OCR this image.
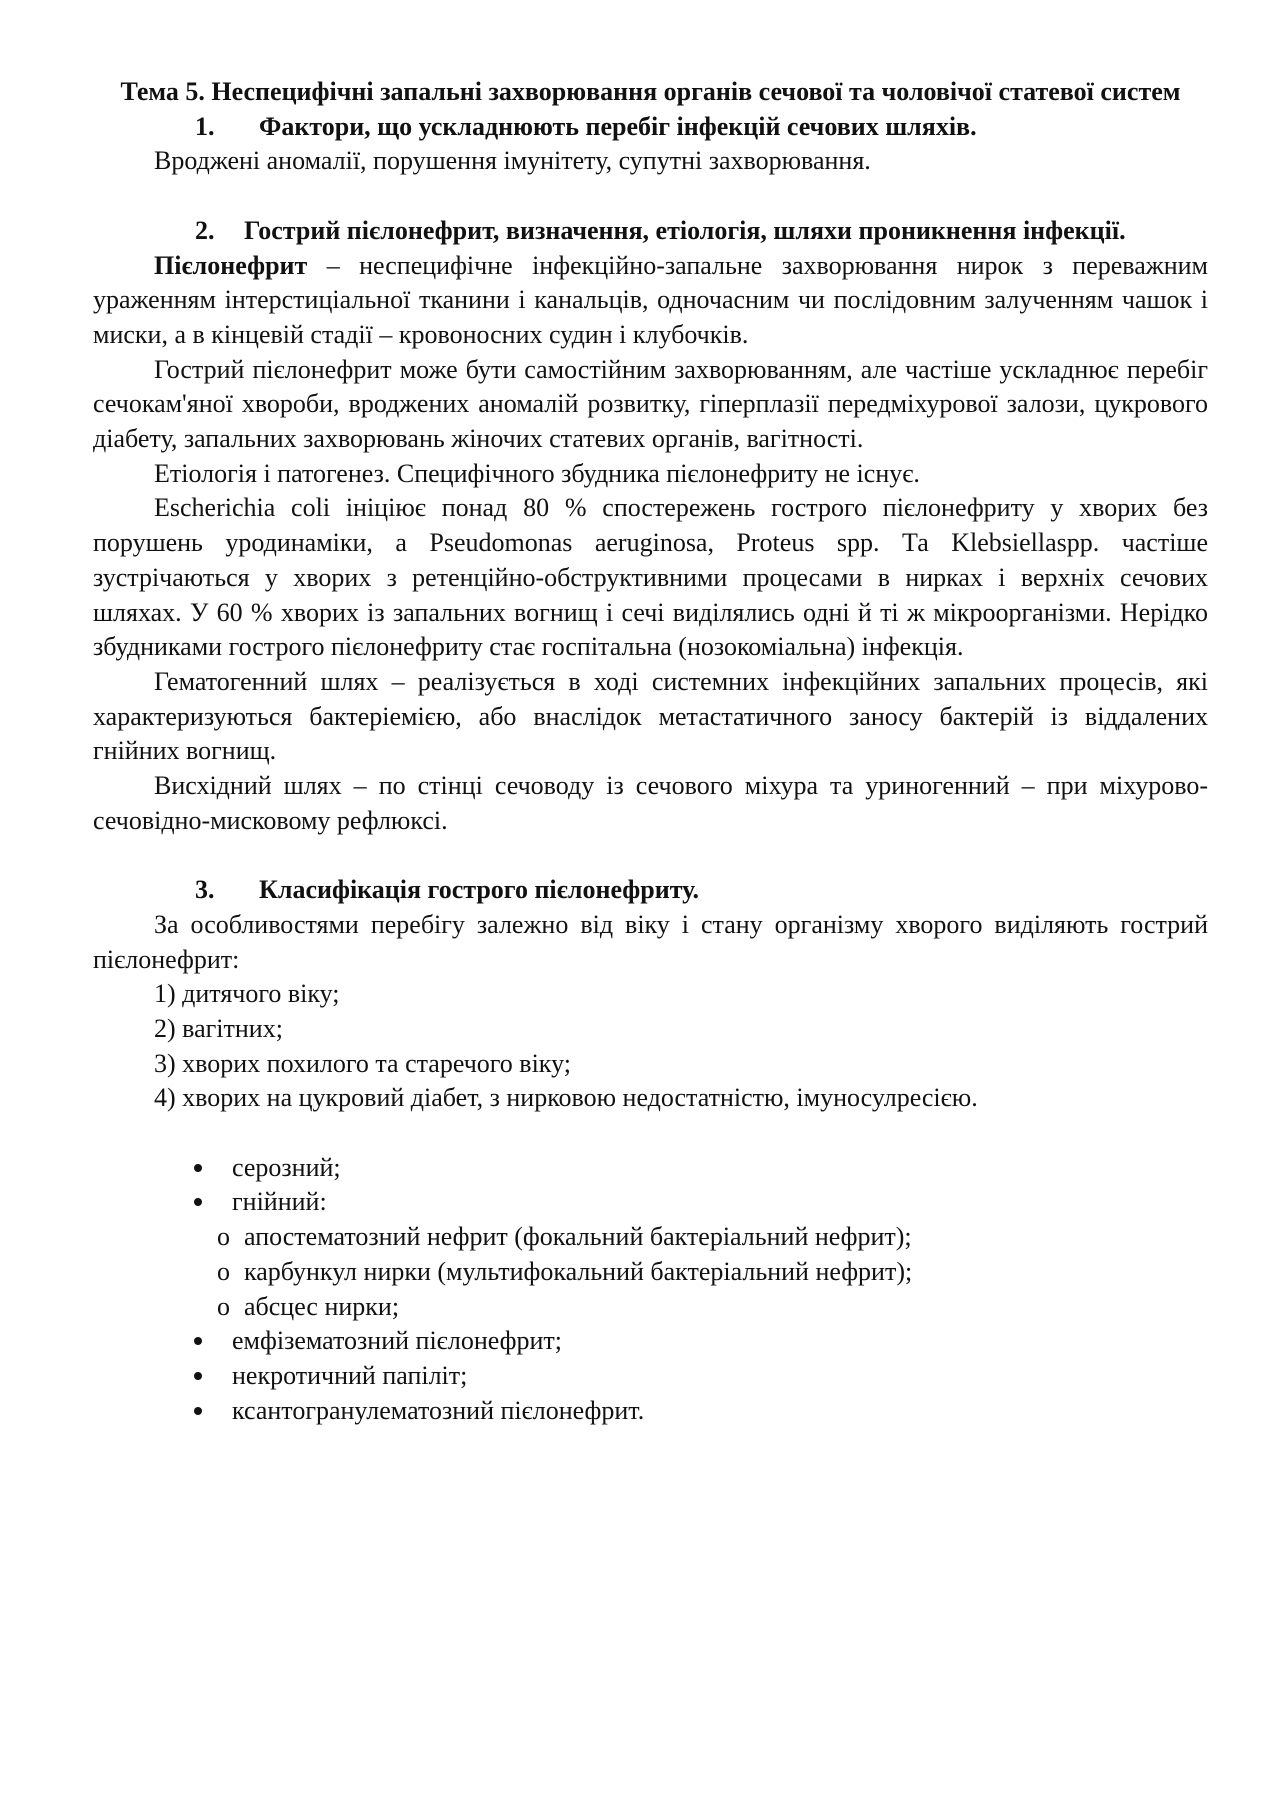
Тема 5. Неспецифічні запальні захворювання органів сечової та чоловічої статевої систем
1. Фактори, що ускладнюють перебіг інфекцій сечових шляхів.

Вроджені аномалії, порушення імунітету, супутні захворювання.

2. Гострий пієлонефрит, визначення, етіологія, шляхи проникнення інфекції.

Пієлонефрит – неспецифічне інфекційно-запальне захворювання нирок з переважним ураженням інтерстиціальної тканини і канальців, одночасним чи послідовним залученням чашок і миски, а в кінцевій стадії – кровоносних судин і клубочків.

Гострий пієлонефрит може бути самостійним захворюванням, але частіше ускладнює перебіг сечокам'яної хвороби, вроджених аномалій розвитку, гіперплазії передміхурової залози, цукрового діабету, запальних захворювань жіночих статевих органів, вагітності.

Етіологія і патогенез. Специфічного збудника пієлонефриту не існує.

Escherichia coli ініціює понад 80 % спостережень гострого пієлонефриту у хворих без порушень уродинаміки, а Pseudomonas aeruginosa, Proteus spp. Та Klebsiellaspp. частіше зустрічаються у хворих з ретенційно-обструктивними процесами в нирках і верхніх сечових шляхах. У 60 % хворих із запальних вогнищ і сечі виділялись одні й ті ж мікроорганізми. Нерідко збудниками гострого пієлонефриту стає госпітальна (нозокоміальна) інфекція.

Гематогенний шлях – реалізується в ході системних інфекційних запальних процесів, які характеризуються бактеріемією, або внаслідок метастатичного заносу бактерій із віддалених гнійних вогнищ.

Висхідний шлях – по стінці сечоводу із сечового міхура та уриногенний – при міхурово-сечовідно-мисковому рефлюксі.

3. Класифікація гострого пієлонефриту.

За особливостями перебігу залежно від віку і стану організму хворого виділяють гострий пієлонефрит:

1) дитячого віку;

2) вагітних;

3) хворих похилого та старечого віку;

4) хворих на цукровий діабет, з нирковою недостатністю, імуносулресією.

серозний;
гнійний:
o апостематозний нефрит (фокальний бактеріальний нефрит);
o карбункул нирки (мультифокальний бактеріальний нефрит);
o абсцес нирки;
емфізематозний пієлонефрит;
некротичний папіліт;
ксантогранулематозний пієлонефрит.
